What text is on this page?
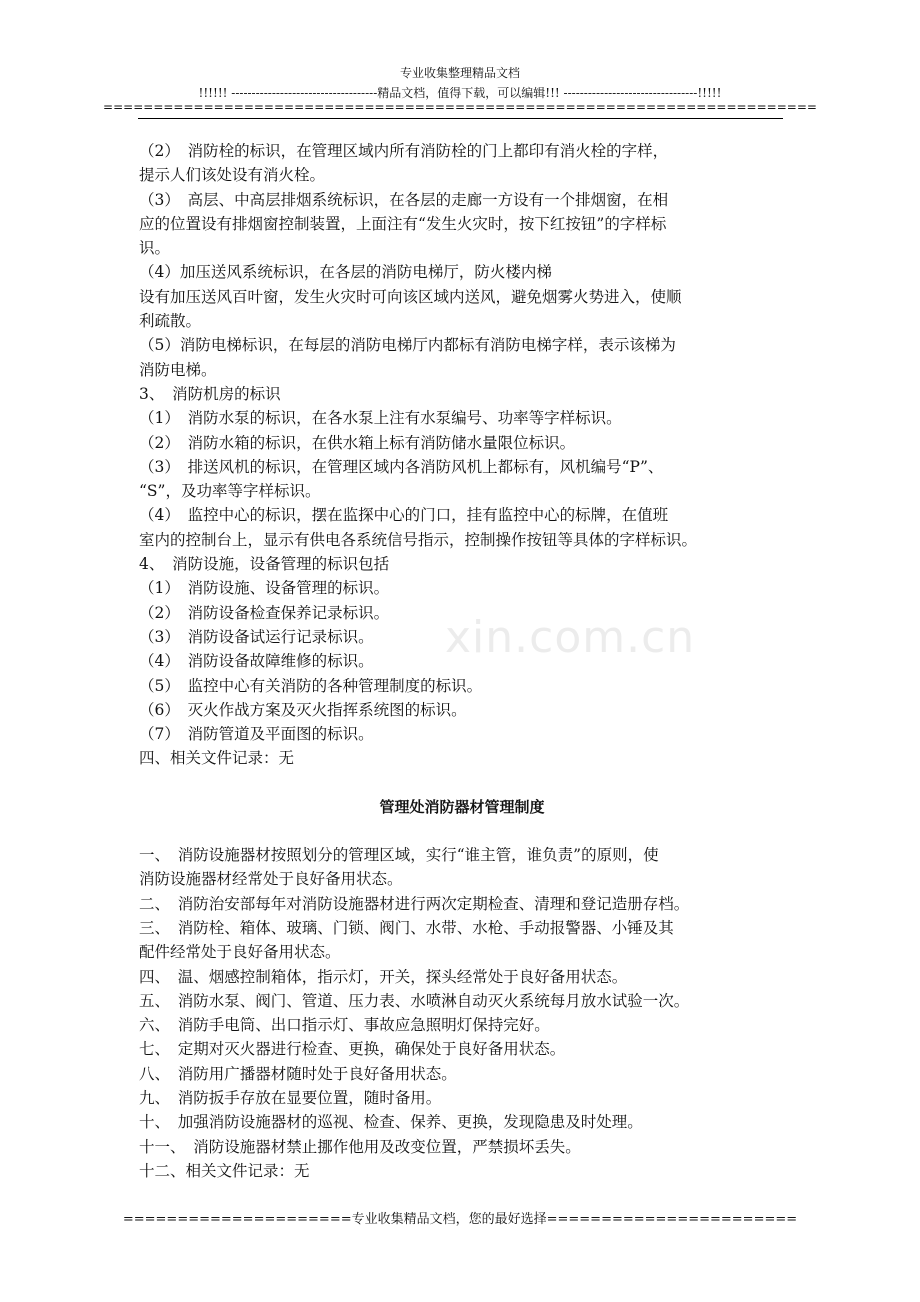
专业收集整理精品文档
!!!!!! ------------------------------------精品文档，值得下载，可以编辑!!! ---------------------------------!!!!!
=======================================================================
xin.com.cn
（2）　消防栓的标识，在管理区域内所有消防栓的门上都印有消火栓的字样，
提示人们该处设有消火栓。
（3）　高层、中高层排烟系统标识，在各层的走廊一方设有一个排烟窗，在相
应的位置设有排烟窗控制装置，上面注有“发生火灾时，按下红按钮”的字样标
识。
（4）加压送风系统标识，在各层的消防电梯厅，防火楼内梯
设有加压送风百叶窗，发生火灾时可向该区域内送风，避免烟雾火势进入，使顺
利疏散。
（5）消防电梯标识，在每层的消防电梯厅内都标有消防电梯字样，表示该梯为
消防电梯。
3、　消防机房的标识
（1）　消防水泵的标识，在各水泵上注有水泵编号、功率等字样标识。
（2）　消防水箱的标识，在供水箱上标有消防储水量限位标识。
（3）　排送风机的标识，在管理区域内各消防风机上都标有，风机编号“P”、
“S”，及功率等字样标识。
（4）　监控中心的标识，摆在监探中心的门口，挂有监控中心的标牌，在值班
室内的控制台上，显示有供电各系统信号指示，控制操作按钮等具体的字样标识。
4、　消防设施，设备管理的标识包括
（1）　消防设施、设备管理的标识。
（2）　消防设备检查保养记录标识。
（3）　消防设备试运行记录标识。
（4）　消防设备故障维修的标识。
（5）　监控中心有关消防的各种管理制度的标识。
（6）　灭火作战方案及灭火指挥系统图的标识。
（7）　消防管道及平面图的标识。
四、相关文件记录：无
管理处消防器材管理制度
一、　消防设施器材按照划分的管理区域，实行“谁主管，谁负责”的原则，使
消防设施器材经常处于良好备用状态。
二、　消防治安部每年对消防设施器材进行两次定期检查、清理和登记造册存档。
三、　消防栓、箱体、玻璃、门锁、阀门、水带、水枪、手动报警器、小锤及其
配件经常处于良好备用状态。
四、　温、烟感控制箱体，指示灯，开关，探头经常处于良好备用状态。
五、　消防水泵、阀门、管道、压力表、水喷淋自动灭火系统每月放水试验一次。
六、　消防手电筒、出口指示灯、事故应急照明灯保持完好。
七、　定期对灭火器进行检查、更换，确保处于良好备用状态。
八、　消防用广播器材随时处于良好备用状态。
九、　消防扳手存放在显要位置，随时备用。
十、　加强消防设施器材的巡视、检查、保养、更换，发现隐患及时处理。
十一、　消防设施器材禁止挪作他用及改变位置，严禁损坏丢失。
十二、相关文件记录：无
=====================专业收集精品文档，您的最好选择=======================
